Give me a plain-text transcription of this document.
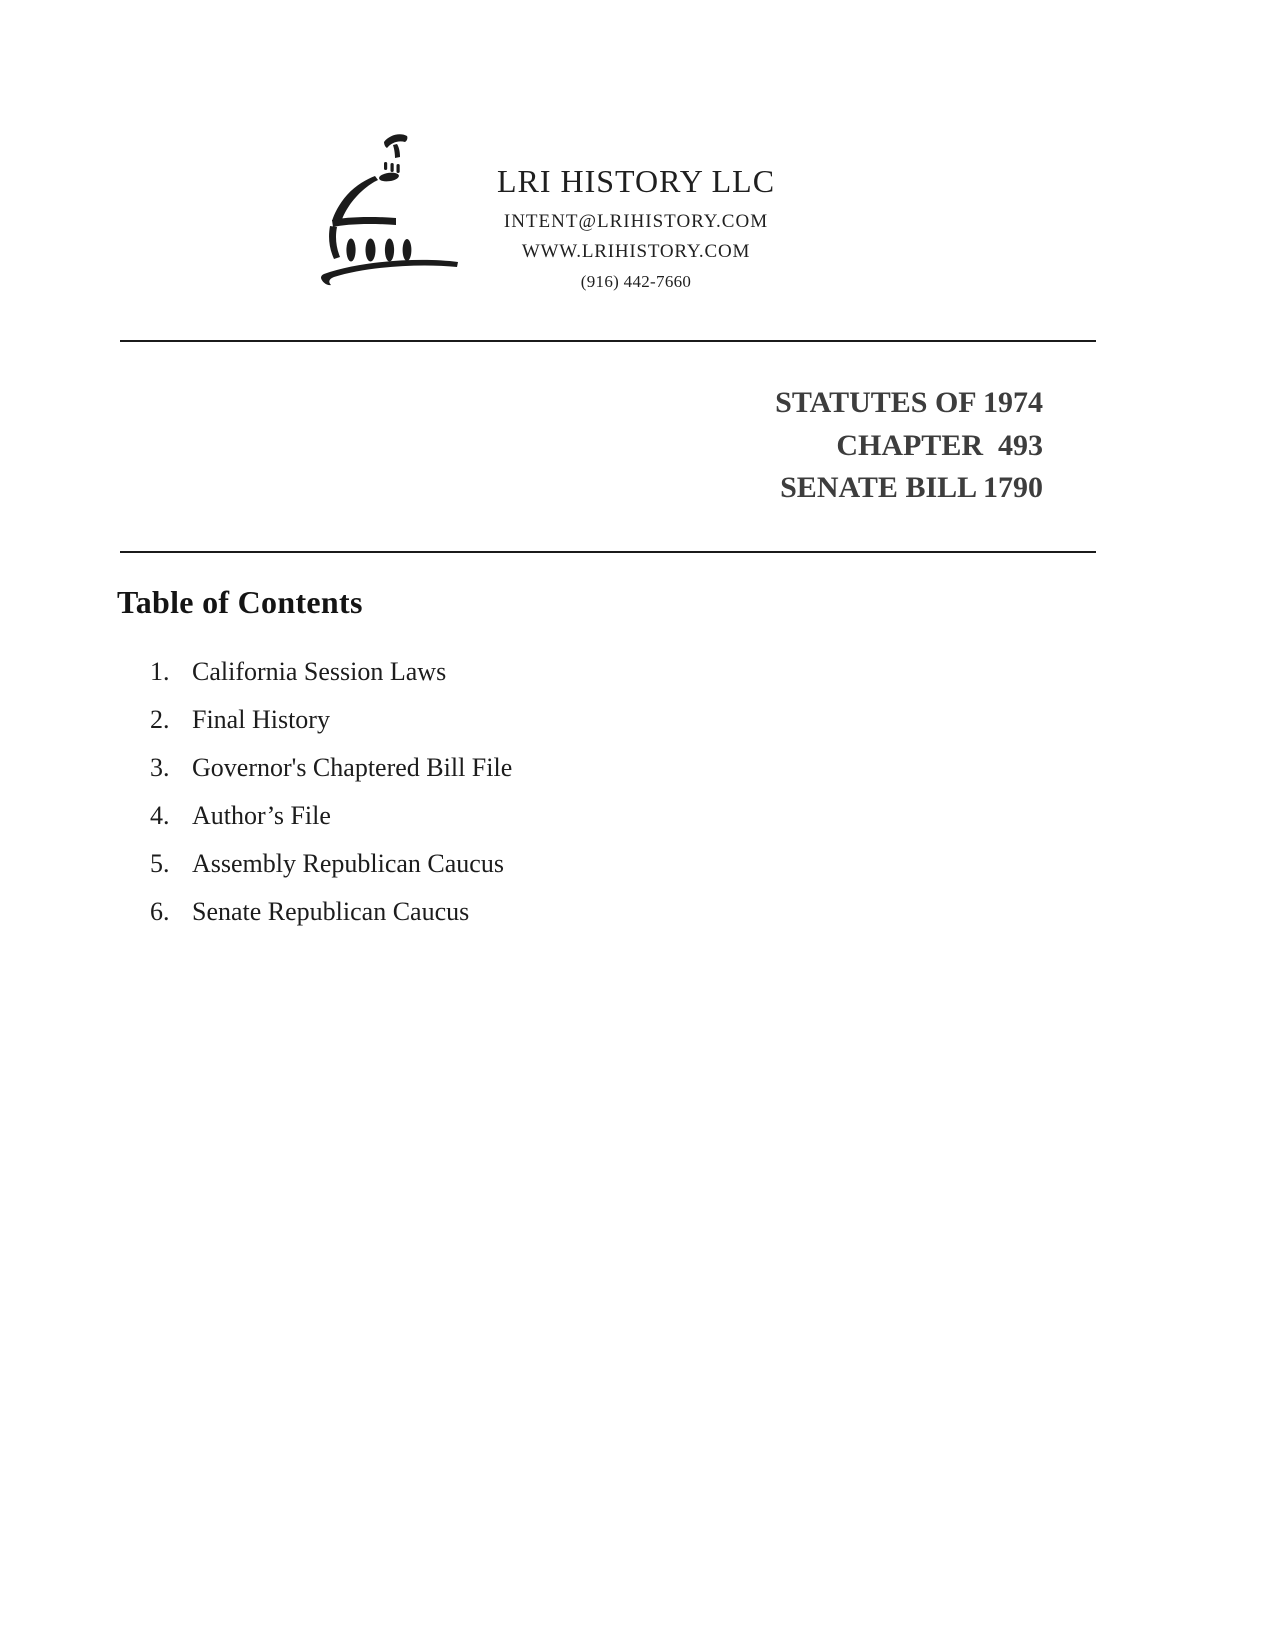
LRI HISTORY LLC
INTENT@LRIHISTORY.COM
WWW.LRIHISTORY.COM
(916) 442-7660
STATUTES OF 1974
CHAPTER  493
SENATE BILL 1790
Table of Contents
1. California Session Laws
2. Final History
3. Governor's Chaptered Bill File
4. Author’s File
5. Assembly Republican Caucus
6. Senate Republican Caucus
